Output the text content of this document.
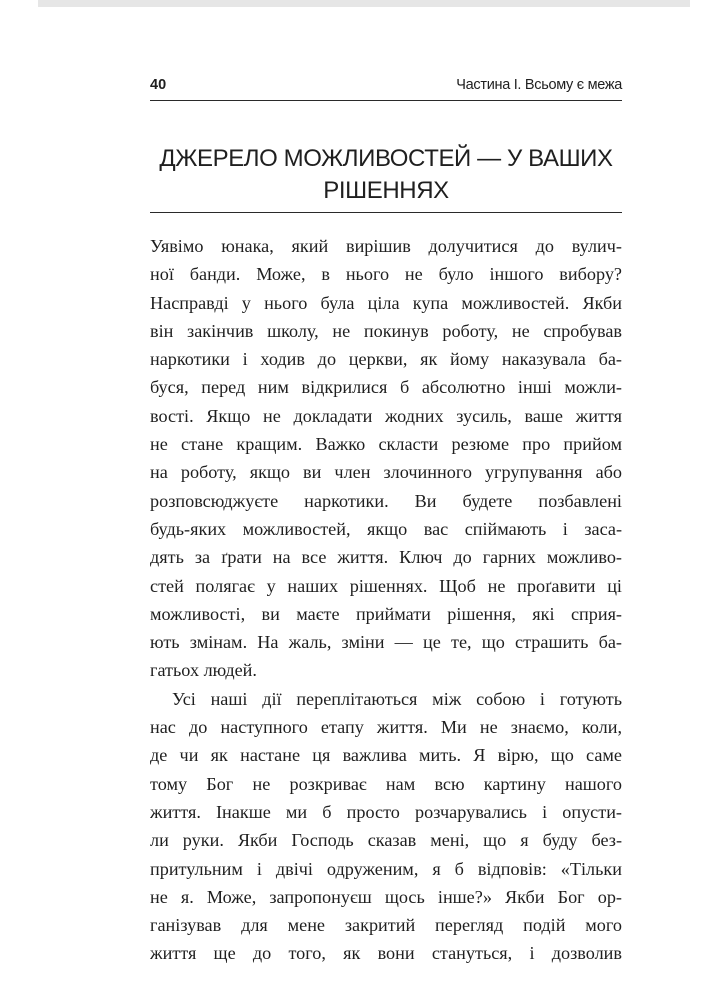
40	Частина І. Всьому є межа
ДЖЕРЕЛО МОЖЛИВОСТЕЙ — У ВАШИХ
РІШЕННЯХ
Уявімо юнака, який вирішив долучитися до вулич-
ної банди. Може, в нього не було іншого вибору?
Насправді у нього була ціла купа можливостей. Якби
він закінчив школу, не покинув роботу, не спробував
наркотики і ходив до церкви, як йому наказувала ба-
буся, перед ним відкрилися б абсолютно інші можли-
вості. Якщо не докладати жодних зусиль, ваше життя
не стане кращим. Важко скласти резюме про прийом
на роботу, якщо ви член злочинного угрупування або
розповсюджуєте наркотики. Ви будете позбавлені
будь-яких можливостей, якщо вас спіймають і заса-
дять за ґрати на все життя. Ключ до гарних можливо-
стей полягає у наших рішеннях. Щоб не проґавити ці
можливості, ви маєте приймати рішення, які сприя-
ють змінам. На жаль, зміни — це те, що страшить ба-
гатьох людей.
Усі наші дії переплітаються між собою і готують
нас до наступного етапу життя. Ми не знаємо, коли,
де чи як настане ця важлива мить. Я вірю, що саме
тому Бог не розкриває нам всю картину нашого
життя. Інакше ми б просто розчарувались і опусти-
ли руки. Якби Господь сказав мені, що я буду без-
притульним і двічі одруженим, я б відповів: «Тільки
не я. Може, запропонуєш щось інше?» Якби Бог ор-
ганізував для мене закритий перегляд подій мого
життя ще до того, як вони стануться, і дозволив
